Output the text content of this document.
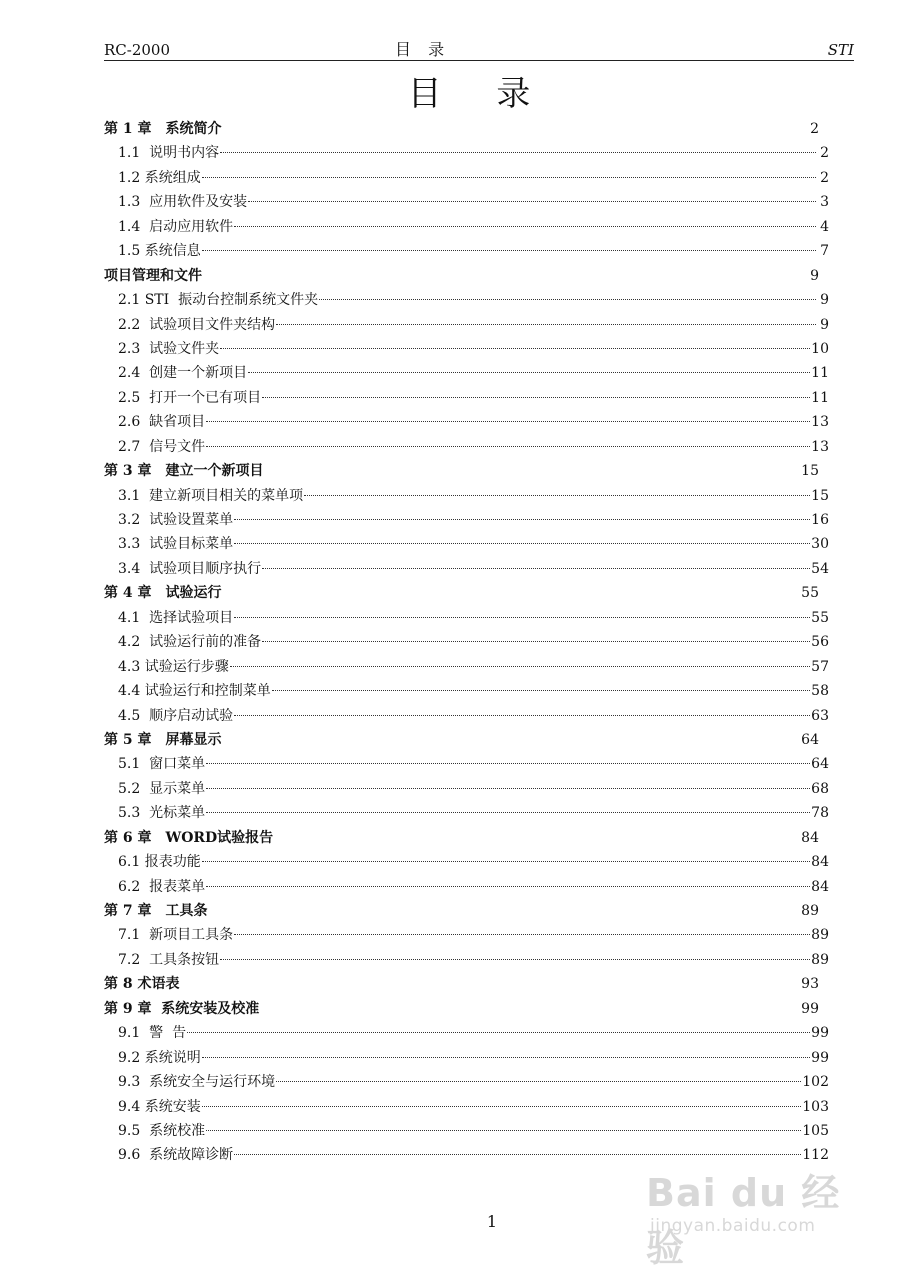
RC-2000	目 录	STI
目 录
第 1 章　系统简介	2
1.1  说明书内容	2
1.2 系统组成	2
1.3  应用软件及安装	3
1.4  启动应用软件	4
1.5 系统信息	7
项目管理和文件	9
2.1 STI  振动台控制系统文件夹	9
2.2  试验项目文件夹结构	9
2.3  试验文件夹	10
2.4  创建一个新项目	11
2.5  打开一个已有项目	11
2.6  缺省项目	13
2.7  信号文件	13
第 3 章　建立一个新项目	15
3.1  建立新项目相关的菜单项	15
3.2  试验设置菜单	16
3.3  试验目标菜单	30
3.4  试验项目顺序执行	54
第 4 章　试验运行	55
4.1  选择试验项目	55
4.2  试验运行前的准备	56
4.3 试验运行步骤	57
4.4 试验运行和控制菜单	58
4.5  顺序启动试验	63
第 5 章　屏幕显示	64
5.1  窗口菜单	64
5.2  显示菜单	68
5.3  光标菜单	78
第 6 章　WORD试验报告	84
6.1 报表功能	84
6.2  报表菜单	84
第 7 章　工具条	89
7.1  新项目工具条	89
7.2  工具条按钮	89
第 8 术语表	93
第 9 章  系统安装及校准	99
9.1  警  告	99
9.2 系统说明	99
9.3  系统安全与运行环境	102
9.4 系统安装	103
9.5  系统校准	105
9.6  系统故障诊断	112
1
Bai du 经验
jingyan.baidu.com
